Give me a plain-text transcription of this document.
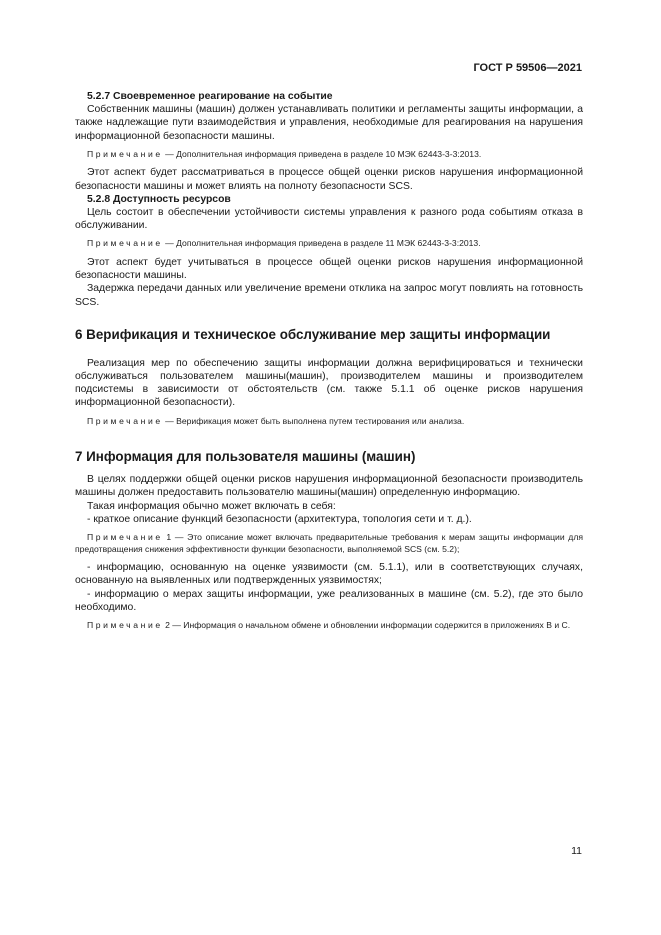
ГОСТ Р 59506—2021

5.2.7 Своевременное реагирование на событие

Собственник машины (машин) должен устанавливать политики и регламенты защиты информации, а также надлежащие пути взаимодействия и управления, необходимые для реагирования на нарушения информационной безопасности машины.

Примечание — Дополнительная информация приведена в разделе 10 МЭК 62443-3-3:2013.

Этот аспект будет рассматриваться в процессе общей оценки рисков нарушения информационной безопасности машины и может влиять на полноту безопасности SCS.

5.2.8 Доступность ресурсов

Цель состоит в обеспечении устойчивости системы управления к разного рода событиям отказа в обслуживании.

Примечание — Дополнительная информация приведена в разделе 11 МЭК 62443-3-3:2013.

Этот аспект будет учитываться в процессе общей оценки рисков нарушения информационной безопасности машины.

Задержка передачи данных или увеличение времени отклика на запрос могут повлиять на готовность SCS.

6 Верификация и техническое обслуживание мер защиты информации

Реализация мер по обеспечению защиты информации должна верифицироваться и технически обслуживаться пользователем машины(машин), производителем машины и производителем подсистемы в зависимости от обстоятельств (см. также 5.1.1 об оценке рисков нарушения информационной безопасности).

Примечание — Верификация может быть выполнена путем тестирования или анализа.

7 Информация для пользователя машины (машин)

В целях поддержки общей оценки рисков нарушения информационной безопасности производитель машины должен предоставить пользователю машины(машин) определенную информацию.

Такая информация обычно может включать в себя:

- краткое описание функций безопасности (архитектура, топология сети и т. д.).

Примечание 1 — Это описание может включать предварительные требования к мерам защиты информации для предотвращения снижения эффективности функции безопасности, выполняемой SCS (см. 5.2);

- информацию, основанную на оценке уязвимости (см. 5.1.1), или в соответствующих случаях, основанную на выявленных или подтвержденных уязвимостях;

- информацию о мерах защиты информации, уже реализованных в машине (см. 5.2), где это было необходимо.

Примечание 2 — Информация о начальном обмене и обновлении информации содержится в приложениях В и С.

11
